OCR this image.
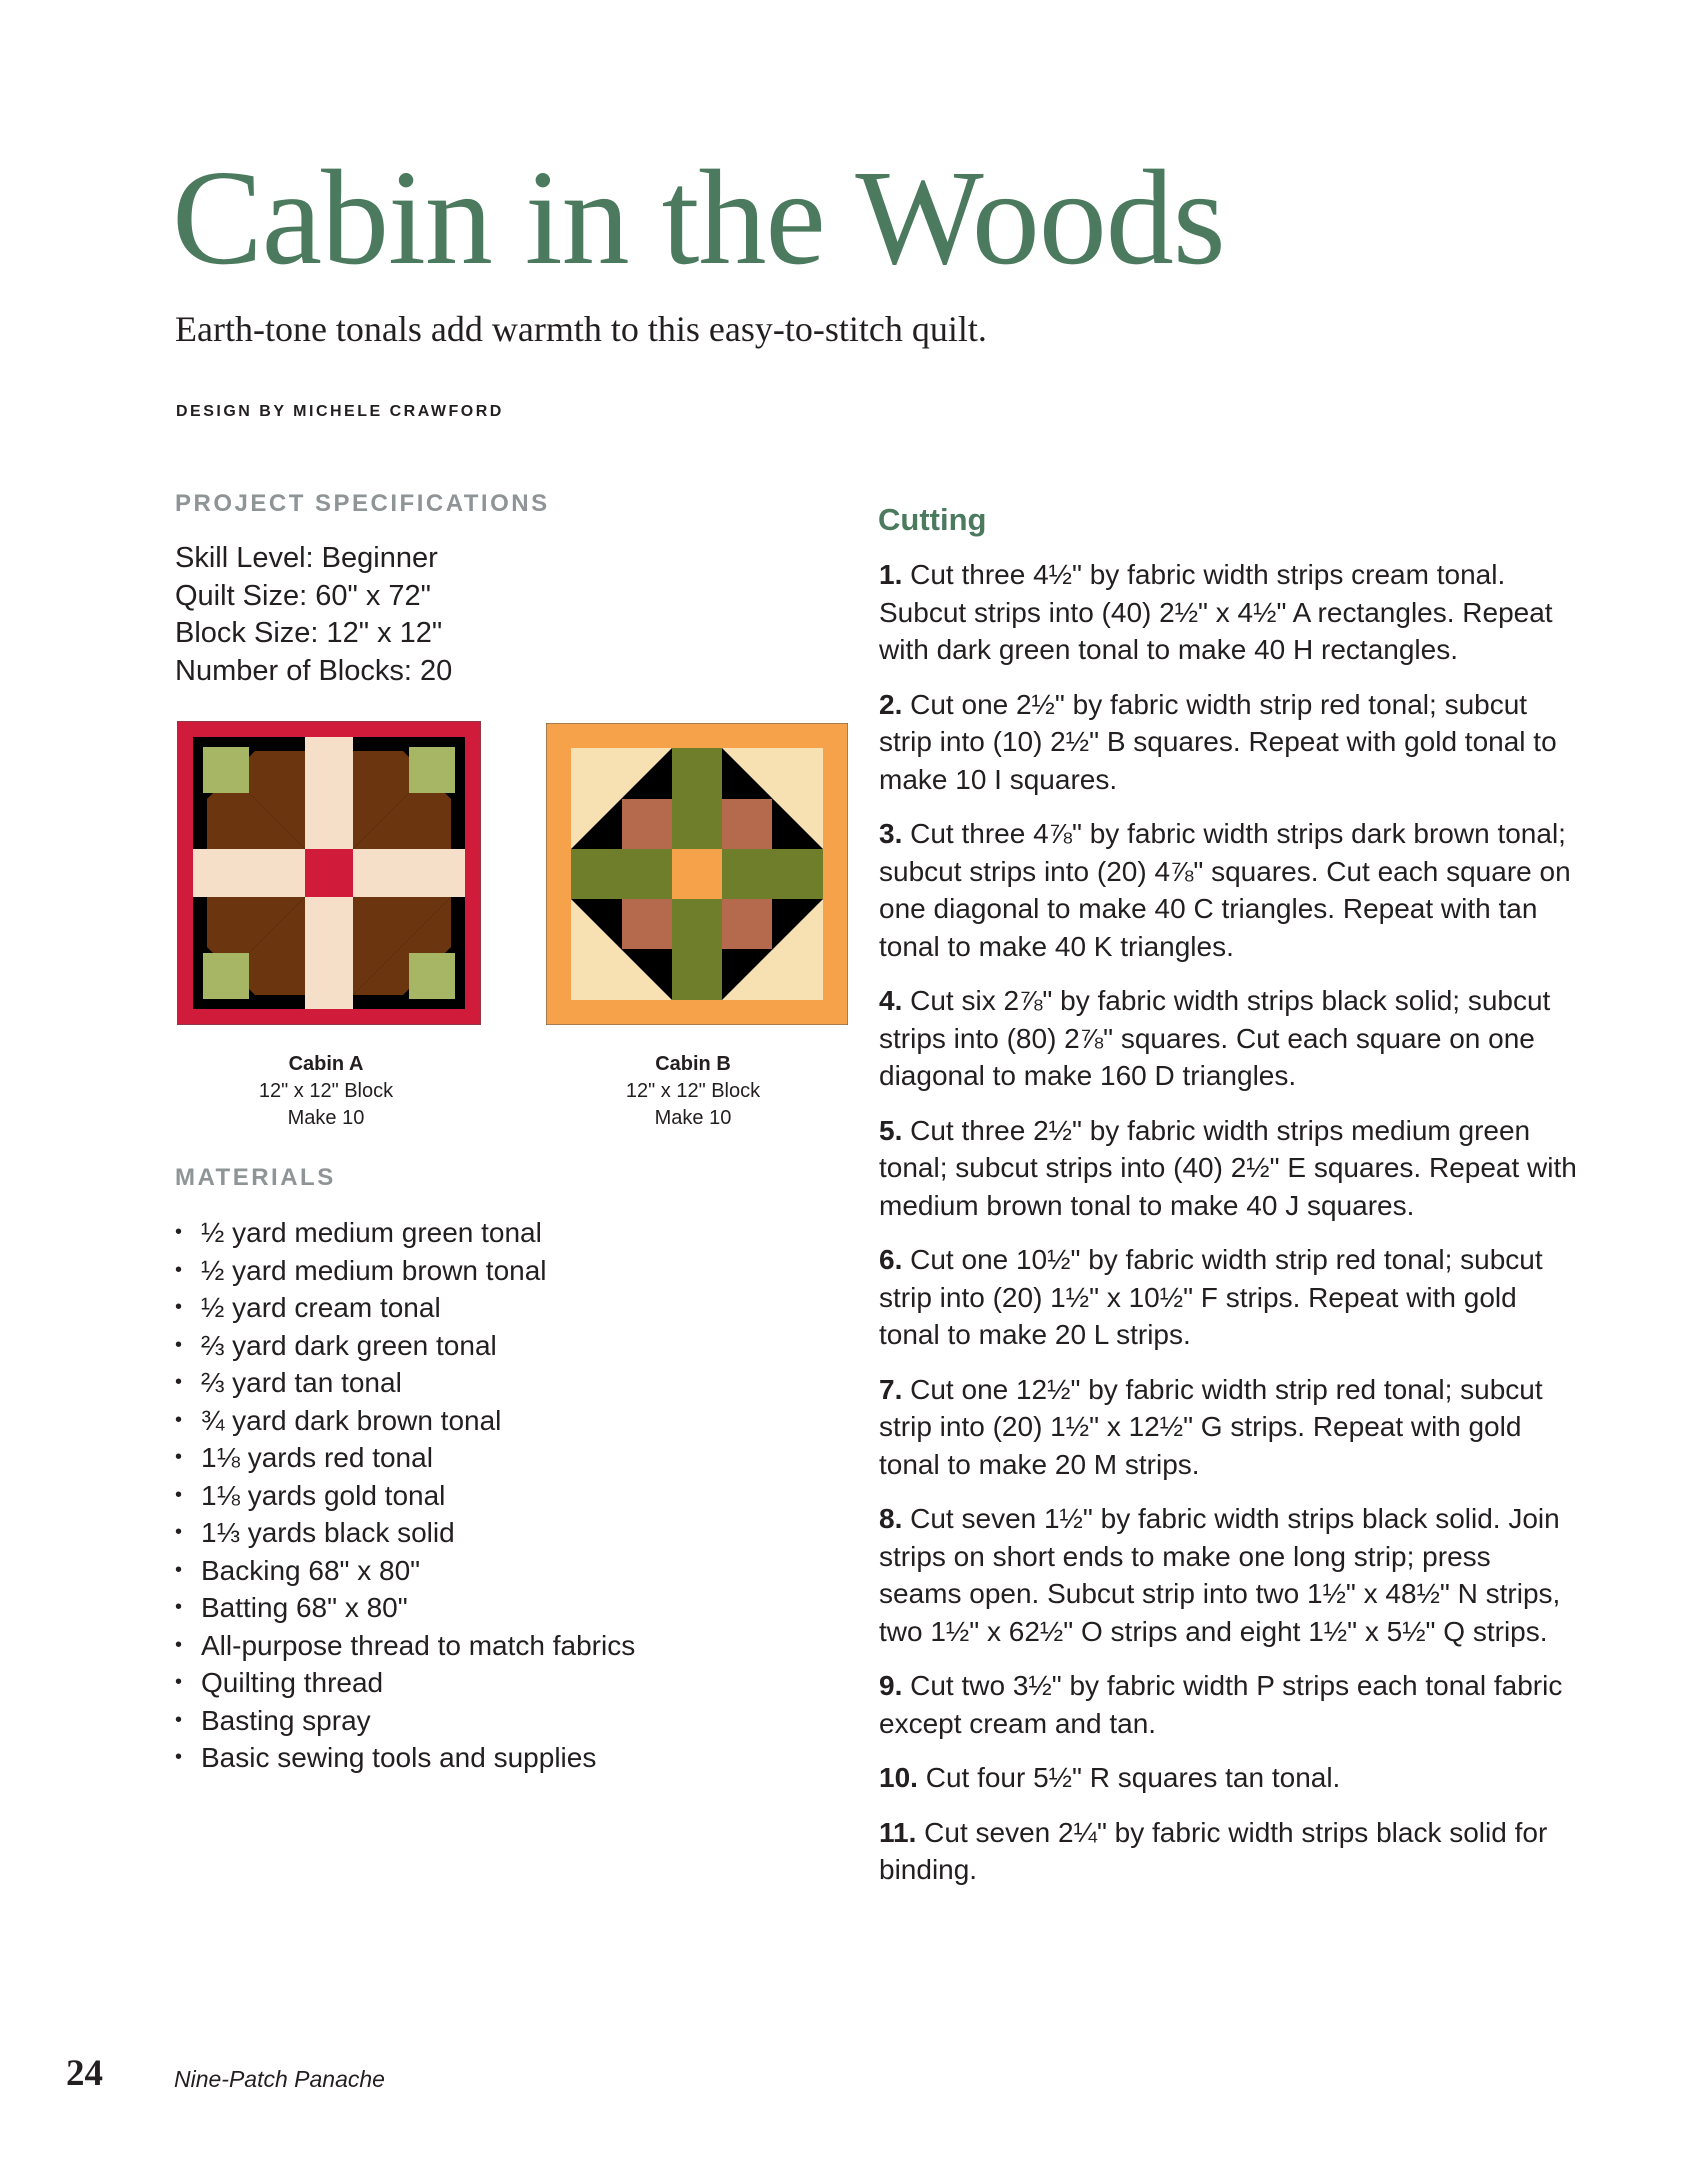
Cabin in the Woods

Earth-tone tonals add warmth to this easy-to-stitch quilt.

DESIGN BY MICHELE CRAWFORD
PROJECT SPECIFICATIONS
Skill Level: Beginner
Quilt Size: 60" x 72"
Block Size: 12" x 12"
Number of Blocks: 20
Cabin A
12" x 12" Block
Make 10
Cabin B
12" x 12" Block
Make 10
MATERIALS
• ½ yard medium green tonal
• ½ yard medium brown tonal
• ½ yard cream tonal
• ⅔ yard dark green tonal
• ⅔ yard tan tonal
• ¾ yard dark brown tonal
• 1⅛ yards red tonal
• 1⅛ yards gold tonal
• 1⅓ yards black solid
• Backing 68" x 80"
• Batting 68" x 80"
• All-purpose thread to match fabrics
• Quilting thread
• Basting spray
• Basic sewing tools and supplies
Cutting
1. Cut three 4½" by fabric width strips cream tonal. Subcut strips into (40) 2½" x 4½" A rectangles. Repeat with dark green tonal to make 40 H rectangles.
2. Cut one 2½" by fabric width strip red tonal; subcut strip into (10) 2½" B squares. Repeat with gold tonal to make 10 I squares.
3. Cut three 4⅞" by fabric width strips dark brown tonal; subcut strips into (20) 4⅞" squares. Cut each square on one diagonal to make 40 C triangles. Repeat with tan tonal to make 40 K triangles.
4. Cut six 2⅞" by fabric width strips black solid; subcut strips into (80) 2⅞" squares. Cut each square on one diagonal to make 160 D triangles.
5. Cut three 2½" by fabric width strips medium green tonal; subcut strips into (40) 2½" E squares. Repeat with medium brown tonal to make 40 J squares.
6. Cut one 10½" by fabric width strip red tonal; subcut strip into (20) 1½" x 10½" F strips. Repeat with gold tonal to make 20 L strips.
7. Cut one 12½" by fabric width strip red tonal; subcut strip into (20) 1½" x 12½" G strips. Repeat with gold tonal to make 20 M strips.
8. Cut seven 1½" by fabric width strips black solid. Join strips on short ends to make one long strip; press seams open. Subcut strip into two 1½" x 48½" N strips, two 1½" x 62½" O strips and eight 1½" x 5½" Q strips.
9. Cut two 3½" by fabric width P strips each tonal fabric except cream and tan.
10. Cut four 5½" R squares tan tonal.
11. Cut seven 2¼" by fabric width strips black solid for binding.
24	Nine-Patch Panache
